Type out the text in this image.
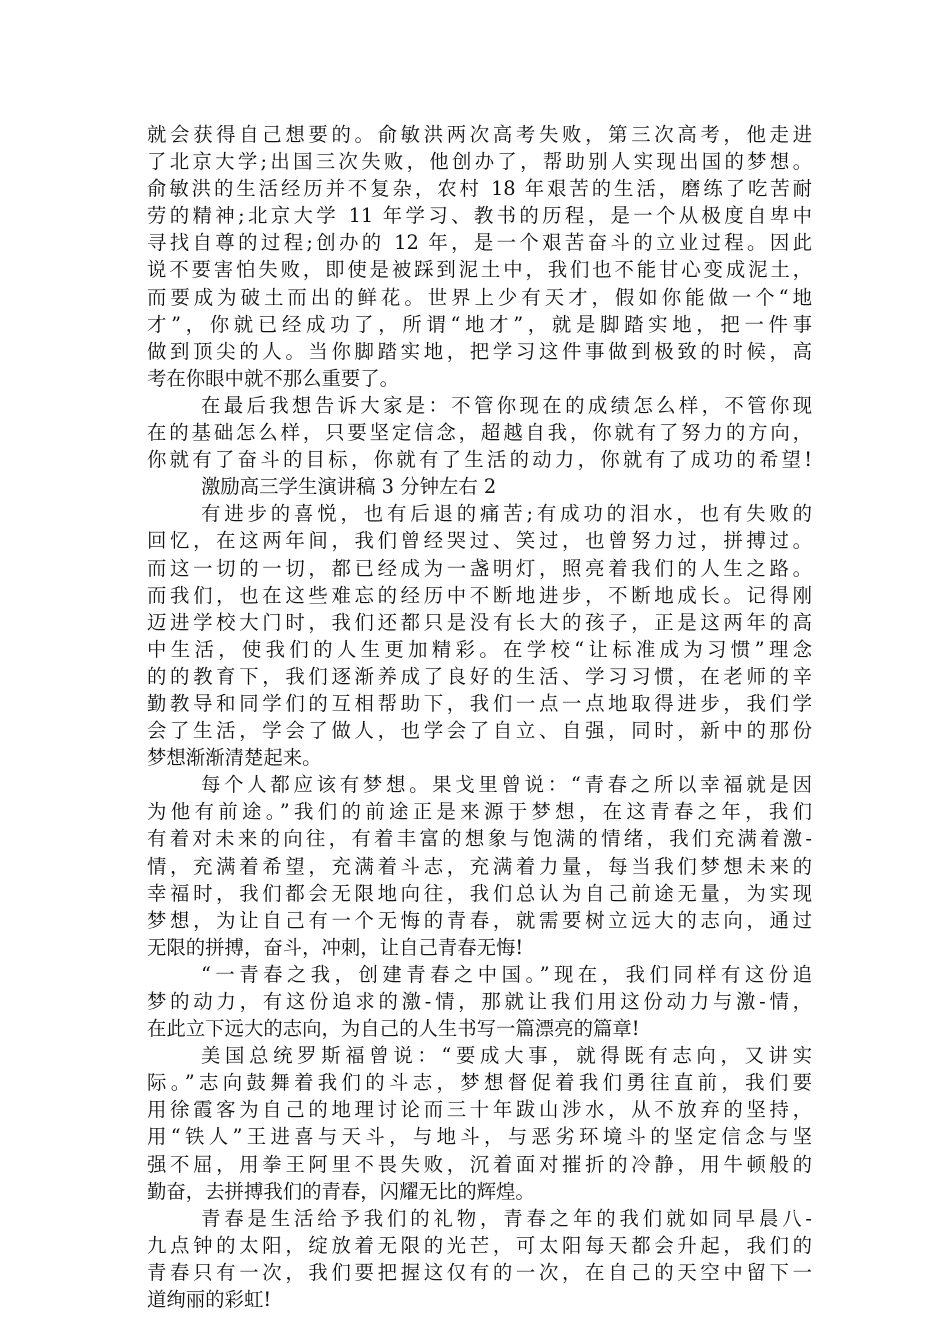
就会获得自己想要的。俞敏洪两次高考失败，第三次高考，他走进
了北京大学;出国三次失败，他创办了，帮助别人实现出国的梦想。
俞敏洪的生活经历并不复杂，农村 18 年艰苦的生活，磨练了吃苦耐
劳的精神;北京大学 11 年学习、教书的历程，是一个从极度自卑中
寻找自尊的过程;创办的 12 年，是一个艰苦奋斗的立业过程。因此
说不要害怕失败，即使是被踩到泥土中，我们也不能甘心变成泥土，
而要成为破土而出的鲜花。世界上少有天才，假如你能做一个“地
才”，你就已经成功了，所谓“地才”，就是脚踏实地，把一件事
做到顶尖的人。当你脚踏实地，把学习这件事做到极致的时候，高
考在你眼中就不那么重要了。
在最后我想告诉大家是：不管你现在的成绩怎么样，不管你现
在的基础怎么样，只要坚定信念，超越自我，你就有了努力的方向，
你就有了奋斗的目标，你就有了生活的动力，你就有了成功的希望!
激励高三学生演讲稿 3 分钟左右 2
有进步的喜悦，也有后退的痛苦;有成功的泪水，也有失败的
回忆，在这两年间，我们曾经哭过、笑过，也曾努力过，拼搏过。
而这一切的一切，都已经成为一盏明灯，照亮着我们的人生之路。
而我们，也在这些难忘的经历中不断地进步，不断地成长。记得刚
迈进学校大门时，我们还都只是没有长大的孩子，正是这两年的高
中生活，使我们的人生更加精彩。在学校“让标准成为习惯”理念
的的教育下，我们逐渐养成了良好的生活、学习习惯，在老师的辛
勤教导和同学们的互相帮助下，我们一点一点地取得进步，我们学
会了生活，学会了做人，也学会了自立、自强，同时，新中的那份
梦想渐渐清楚起来。
每个人都应该有梦想。果戈里曾说：“青春之所以幸福就是因
为他有前途。”我们的前途正是来源于梦想，在这青春之年，我们
有着对未来的向往，有着丰富的想象与饱满的情绪，我们充满着激-
情，充满着希望，充满着斗志，充满着力量，每当我们梦想未来的
幸福时，我们都会无限地向往，我们总认为自己前途无量，为实现
梦想，为让自己有一个无悔的青春，就需要树立远大的志向，通过
无限的拼搏，奋斗，冲刺，让自己青春无悔!
“一青春之我，创建青春之中国。”现在，我们同样有这份追
梦的动力，有这份追求的激-情，那就让我们用这份动力与激-情，
在此立下远大的志向，为自己的人生书写一篇漂亮的篇章!
美国总统罗斯福曾说：“要成大事，就得既有志向，又讲实
际。”志向鼓舞着我们的斗志，梦想督促着我们勇往直前，我们要
用徐霞客为自己的地理讨论而三十年跋山涉水，从不放弃的坚持，
用“铁人”王进喜与天斗，与地斗，与恶劣环境斗的坚定信念与坚
强不屈，用拳王阿里不畏失败，沉着面对摧折的冷静，用牛顿般的
勤奋，去拼搏我们的青春，闪耀无比的辉煌。
青春是生活给予我们的礼物，青春之年的我们就如同早晨八-
九点钟的太阳，绽放着无限的光芒，可太阳每天都会升起，我们的
青春只有一次，我们要把握这仅有的一次，在自己的天空中留下一
道绚丽的彩虹!
